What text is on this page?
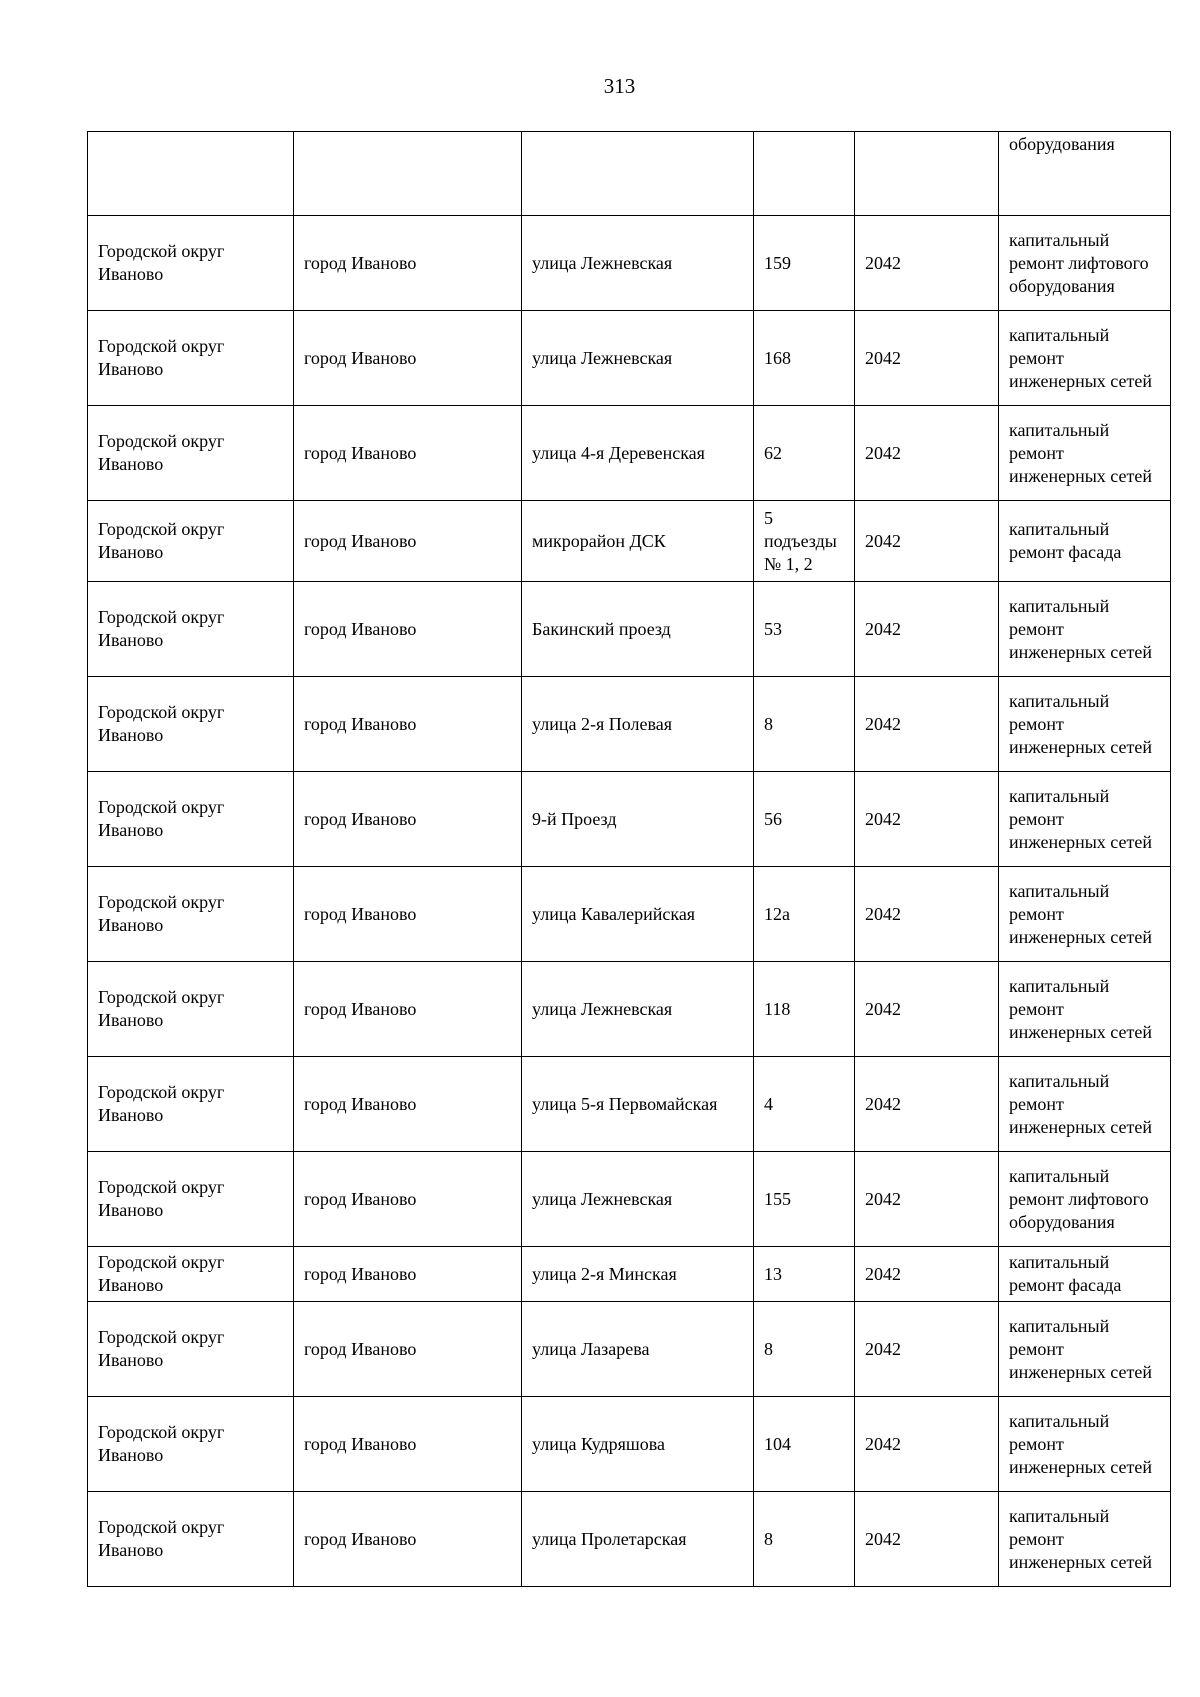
313
					оборудования
Городской округ Иваново	город Иваново	улица Лежневская	159	2042	капитальный ремонт лифтового оборудования
Городской округ Иваново	город Иваново	улица Лежневская	168	2042	капитальный ремонт инженерных сетей
Городской округ Иваново	город Иваново	улица 4-я Деревенская	62	2042	капитальный ремонт инженерных сетей
Городской округ Иваново	город Иваново	микрорайон ДСК	5 подъезды № 1, 2	2042	капитальный ремонт фасада
Городской округ Иваново	город Иваново	Бакинский проезд	53	2042	капитальный ремонт инженерных сетей
Городской округ Иваново	город Иваново	улица 2-я Полевая	8	2042	капитальный ремонт инженерных сетей
Городской округ Иваново	город Иваново	9-й Проезд	56	2042	капитальный ремонт инженерных сетей
Городской округ Иваново	город Иваново	улица Кавалерийская	12а	2042	капитальный ремонт инженерных сетей
Городской округ Иваново	город Иваново	улица Лежневская	118	2042	капитальный ремонт инженерных сетей
Городской округ Иваново	город Иваново	улица 5-я Первомайская	4	2042	капитальный ремонт инженерных сетей
Городской округ Иваново	город Иваново	улица Лежневская	155	2042	капитальный ремонт лифтового оборудования
Городской округ Иваново	город Иваново	улица 2-я Минская	13	2042	капитальный ремонт фасада
Городской округ Иваново	город Иваново	улица Лазарева	8	2042	капитальный ремонт инженерных сетей
Городской округ Иваново	город Иваново	улица Кудряшова	104	2042	капитальный ремонт инженерных сетей
Городской округ Иваново	город Иваново	улица Пролетарская	8	2042	капитальный ремонт инженерных сетей
